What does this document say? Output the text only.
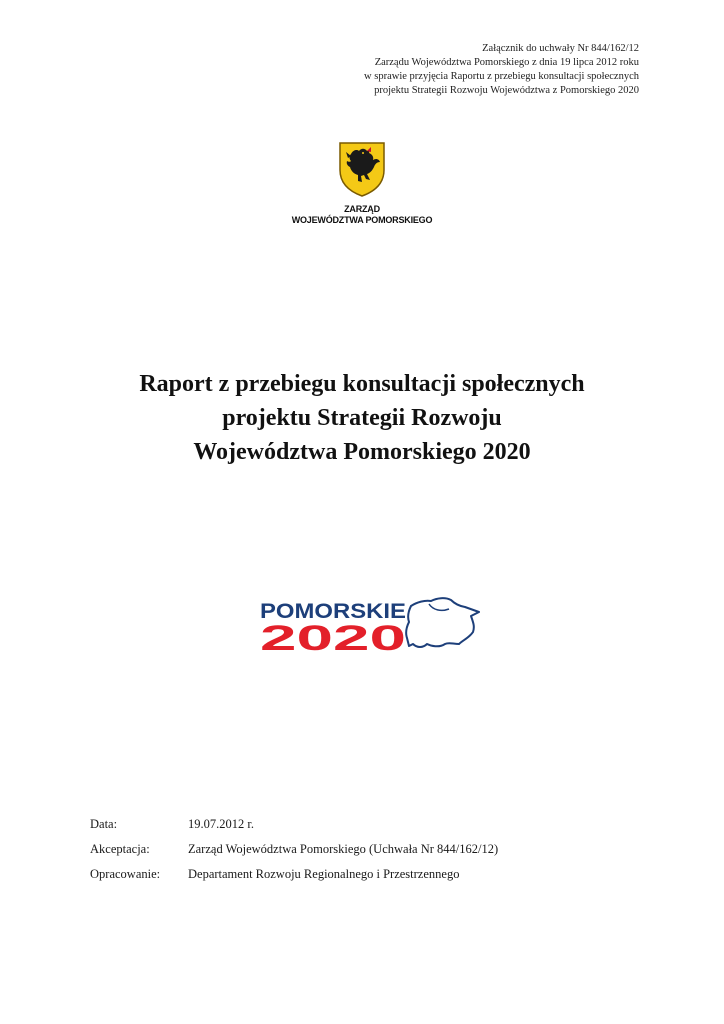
Załącznik do uchwały Nr 844/162/12
Zarządu Województwa Pomorskiego z dnia 19 lipca 2012 roku
w sprawie przyjęcia Raportu z przebiegu konsultacji społecznych
projektu Strategii Rozwoju Województwa z Pomorskiego 2020
ZARZĄD
WOJEWÓDZTWA POMORSKIEGO
Raport z przebiegu konsultacji społecznych
projektu Strategii Rozwoju
Województwa Pomorskiego 2020
POMORSKIE
2020
Data:	19.07.2012 r.
Akceptacja:	Zarząd Województwa Pomorskiego (Uchwała Nr 844/162/12)
Opracowanie:	Departament Rozwoju Regionalnego i Przestrzennego
